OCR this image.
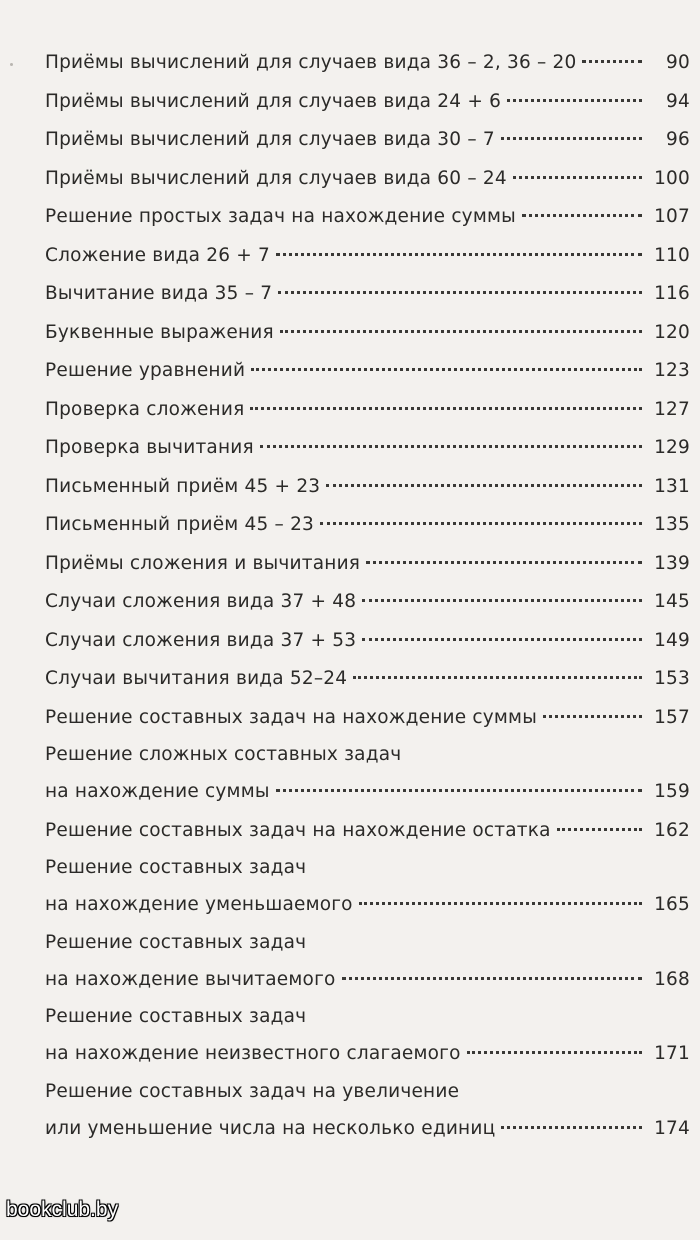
Приёмы вычислений для случаев вида 36 – 2, 36 – 20	90
Приёмы вычислений для случаев вида 24 + 6	94
Приёмы вычислений для случаев вида 30 – 7	96
Приёмы вычислений для случаев вида 60 – 24	100
Решение простых задач на нахождение суммы	107
Сложение вида 26 + 7	110
Вычитание вида 35 – 7	116
Буквенные выражения	120
Решение уравнений	123
Проверка сложения	127
Проверка вычитания	129
Письменный приём 45 + 23	131
Письменный приём 45 – 23	135
Приёмы сложения и вычитания	139
Случаи сложения вида 37 + 48	145
Случаи сложения вида 37 + 53	149
Случаи вычитания вида 52–24	153
Решение составных задач на нахождение суммы	157
Решение сложных составных задач
на нахождение суммы	159
Решение составных задач на нахождение остатка	162
Решение составных задач
на нахождение уменьшаемого	165
Решение составных задач
на нахождение вычитаемого	168
Решение составных задач
на нахождение неизвестного слагаемого	171
Решение составных задач на увеличение
или уменьшение числа на несколько единиц	174
bookclub.by
